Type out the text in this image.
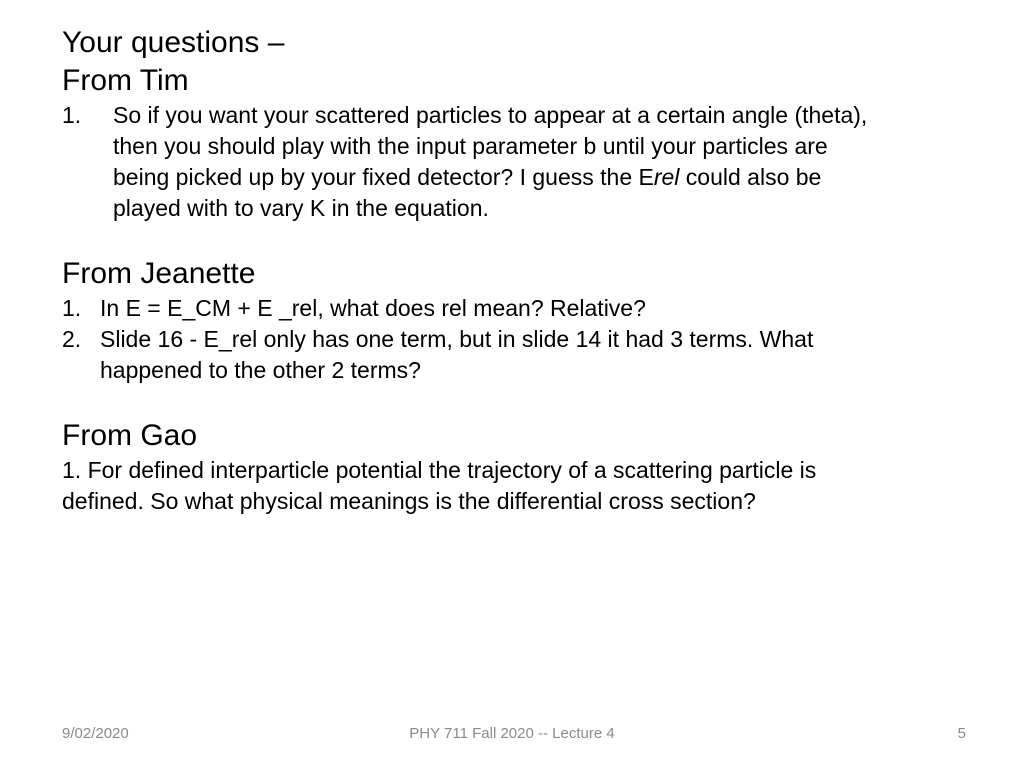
Your questions –
From Tim
1.	So if you want your scattered particles to appear at a certain angle (theta),
then you should play with the input parameter b until your particles are
being picked up by your fixed detector? I guess the Erel could also be
played with to vary K in the equation.
From Jeanette
1. In E = E_CM + E _rel, what does rel mean? Relative?
2. Slide 16 - E_rel only has one term, but in slide 14 it had 3 terms. What
happened to the other 2 terms?
From Gao
1. For defined interparticle potential the trajectory of a scattering particle is
defined. So what physical meanings is the differential cross section?
9/02/2020	PHY 711 Fall 2020 -- Lecture 4	5
